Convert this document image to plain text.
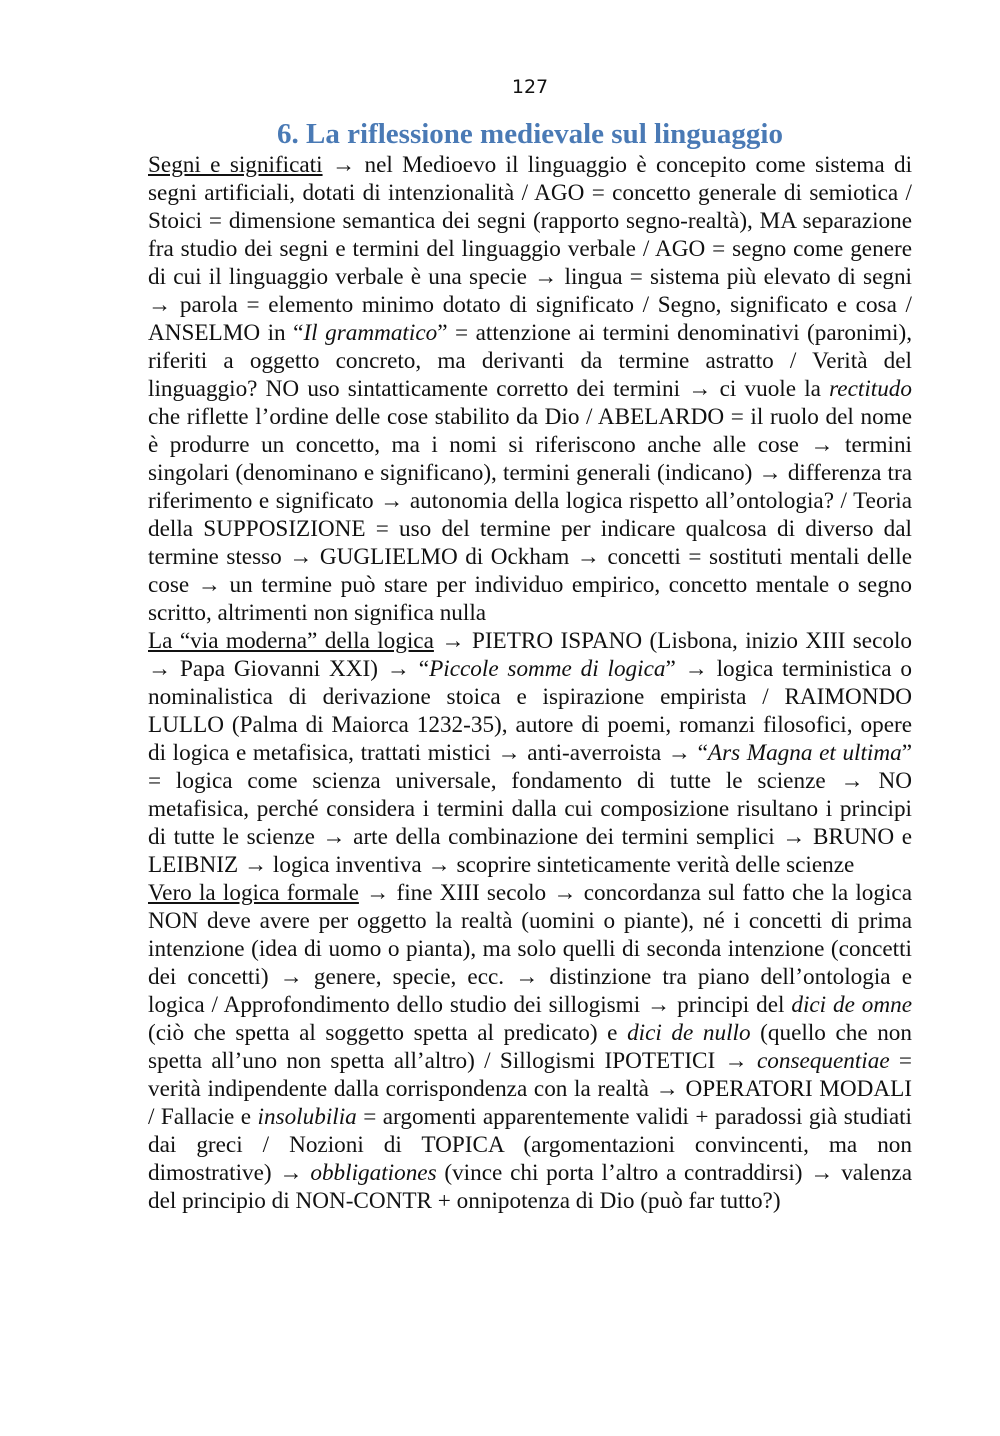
127
6. La riflessione medievale sul linguaggio

Segni e significati → nel Medioevo il linguaggio è concepito come sistema di segni artificiali, dotati di intenzionalità / AGO = concetto generale di semiotica / Stoici = dimensione semantica dei segni (rapporto segno-realtà), MA separazione fra studio dei segni e termini del linguaggio verbale / AGO = segno come genere di cui il linguaggio verbale è una specie → lingua = sistema più elevato di segni → parola = elemento minimo dotato di significato / Segno, significato e cosa / ANSELMO in “Il grammatico” = attenzione ai termini denominativi (paronimi), riferiti a oggetto concreto, ma derivanti da termine astratto / Verità del linguaggio? NO uso sintatticamente corretto dei termini → ci vuole la rectitudo che riflette l’ordine delle cose stabilito da Dio / ABELARDO = il ruolo del nome è produrre un concetto, ma i nomi si riferiscono anche alle cose → termini singolari (denominano e significano), termini generali (indicano) → differenza tra riferimento e significato → autonomia della logica rispetto all’ontologia? / Teoria della SUPPOSIZIONE = uso del termine per indicare qualcosa di diverso dal termine stesso → GUGLIELMO di Ockham → concetti = sostituti mentali delle cose → un termine può stare per individuo empirico, concetto mentale o segno scritto, altrimenti non significa nulla

La “via moderna” della logica → PIETRO ISPANO (Lisbona, inizio XIII secolo → Papa Giovanni XXI) → “Piccole somme di logica” → logica terministica o nominalistica di derivazione stoica e ispirazione empirista / RAIMONDO LULLO (Palma di Maiorca 1232-35), autore di poemi, romanzi filosofici, opere di logica e metafisica, trattati mistici → anti-averroista → “Ars Magna et ultima” = logica come scienza universale, fondamento di tutte le scienze → NO metafisica, perché considera i termini dalla cui composizione risultano i principi di tutte le scienze → arte della combinazione dei termini semplici → BRUNO e LEIBNIZ → logica inventiva → scoprire sinteticamente verità delle scienze

Vero la logica formale → fine XIII secolo → concordanza sul fatto che la logica NON deve avere per oggetto la realtà (uomini o piante), né i concetti di prima intenzione (idea di uomo o pianta), ma solo quelli di seconda intenzione (concetti dei concetti) → genere, specie, ecc. → distinzione tra piano dell’ontologia e logica / Approfondimento dello studio dei sillogismi → principi del dici de omne (ciò che spetta al soggetto spetta al predicato) e dici de nullo (quello che non spetta all’uno non spetta all’altro) / Sillogismi IPOTETICI → consequentiae = verità indipendente dalla corrispondenza con la realtà → OPERATORI MODALI / Fallacie e insolubilia = argomenti apparentemente validi + paradossi già studiati dai greci / Nozioni di TOPICA (argomentazioni convincenti, ma non dimostrative) → obbligationes (vince chi porta l’altro a contraddirsi) → valenza del principio di NON-CONTR + onnipotenza di Dio (può far tutto?)
